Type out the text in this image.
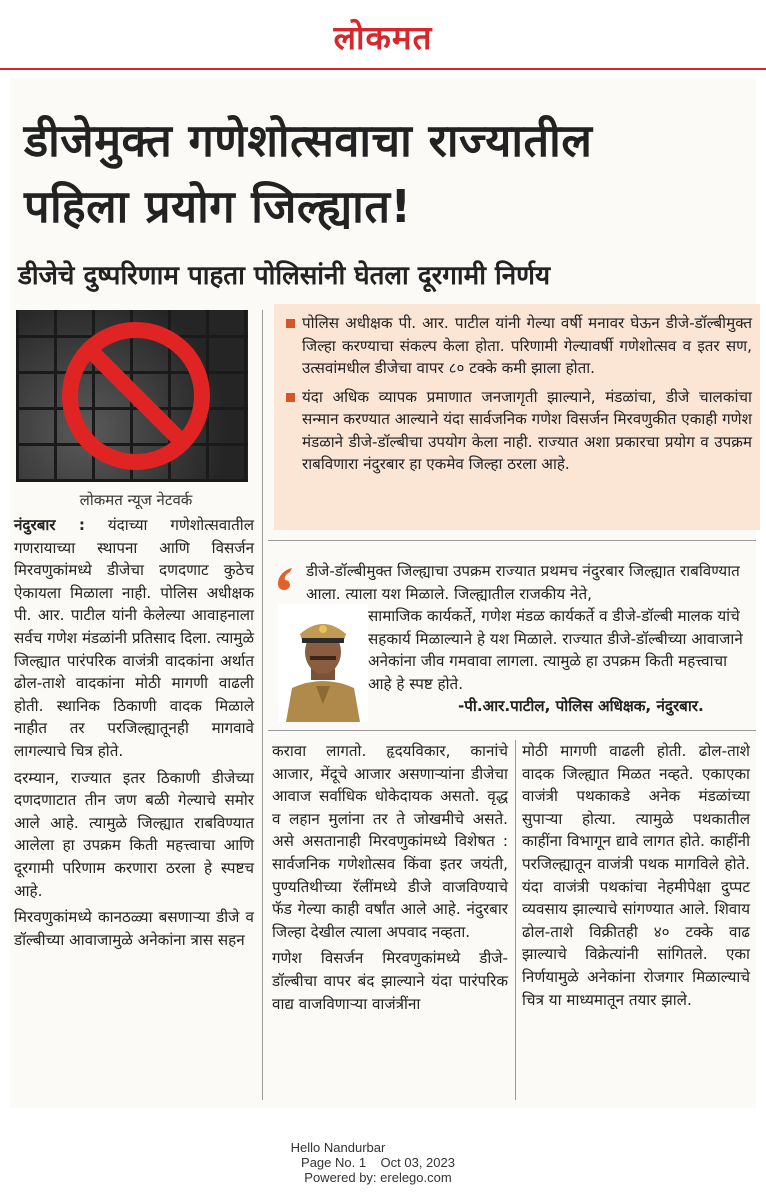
लोकमत
डीजेमुक्त गणेशोत्सवाचा राज्यातील
पहिला प्रयोग जिल्ह्यात!
डीजेचे दुष्परिणाम पाहता पोलिसांनी घेतला दूरगामी निर्णय
लोकमत न्यूज नेटवर्क

नंदुरबार : यंदाच्या गणेशोत्सवातील गणरायाच्या स्थापना आणि विसर्जन मिरवणुकांमध्ये डीजेचा दणदणाट कुठेच ऐकायला मिळाला नाही. पोलिस अधीक्षक पी. आर. पाटील यांनी केलेल्या आवाहनाला सर्वच गणेश मंडळांनी प्रतिसाद दिला. त्यामुळे जिल्ह्यात पारंपरिक वाजंत्री वादकांना अर्थात ढोल-ताशे वादकांना मोठी मागणी वाढली होती. स्थानिक ठिकाणी वादक मिळाले नाहीत तर परजिल्ह्यातूनही मागवावे लागल्याचे चित्र होते.

दरम्यान, राज्यात इतर ठिकाणी डीजेच्या दणदणाटात तीन जण बळी गेल्याचे समोर आले आहे. त्यामुळे जिल्ह्यात राबविण्यात आलेला हा उपक्रम किती महत्त्वाचा आणि दूरगामी परिणाम करणारा ठरला हे स्पष्टच आहे.

मिरवणुकांमध्ये कानठळ्या बसणाऱ्या डीजे व डॉल्बीच्या आवाजामुळे अनेकांना त्रास सहन

पोलिस अधीक्षक पी. आर. पाटील यांनी गेल्या वर्षी मनावर घेऊन डीजे-डॉल्बीमुक्त जिल्हा करण्याचा संकल्प केला होता. परिणामी गेल्यावर्षी गणेशोत्सव व इतर सण, उत्सवांमधील डीजेचा वापर ८० टक्के कमी झाला होता.
यंदा अधिक व्यापक प्रमाणात जनजागृती झाल्याने, मंडळांचा, डीजे चालकांचा सन्मान करण्यात आल्याने यंदा सार्वजनिक गणेश विसर्जन मिरवणुकीत एकाही गणेश मंडळाने डीजे-डॉल्बीचा उपयोग केला नाही. राज्यात अशा प्रकारचा प्रयोग व उपक्रम राबविणारा नंदुरबार हा एकमेव जिल्हा ठरला आहे.
डीजे-डॉल्बीमुक्त जिल्ह्याचा उपक्रम राज्यात प्रथमच नंदुरबार जिल्ह्यात राबविण्यात आला. त्याला यश मिळाले. जिल्ह्यातील राजकीय नेते,
सामाजिक कार्यकर्ते, गणेश मंडळ कार्यकर्ते व डीजे-डॉल्बी मालक यांचे सहकार्य मिळाल्याने हे यश मिळाले. राज्यात डीजे-डॉल्बीच्या आवाजाने अनेकांना जीव गमवावा लागला. त्यामुळे हा उपक्रम किती महत्त्वाचा आहे हे स्पष्ट होते.
-पी.आर.पाटील, पोलिस अधिक्षक, नंदुरबार.

करावा लागतो. हृदयविकार, कानांचे आजार, मेंदूचे आजार असणाऱ्यांना डीजेचा आवाज सर्वाधिक धोकेदायक असतो. वृद्ध व लहान मुलांना तर ते जोखमीचे असते. असे असतानाही मिरवणुकांमध्ये विशेषत : सार्वजनिक गणेशोत्सव किंवा इतर जयंती, पुण्यतिथीच्या रॅलींमध्ये डीजे वाजविण्याचे फॅड गेल्या काही वर्षांत आले आहे. नंदुरबार जिल्हा देखील त्याला अपवाद नव्हता.

गणेश विसर्जन मिरवणुकांमध्ये डीजे-डॉल्बीचा वापर बंद झाल्याने यंदा पारंपरिक वाद्य वाजविणाऱ्या वाजंत्रींना

मोठी मागणी वाढली होती. ढोल-ताशे वादक जिल्ह्यात मिळत नव्हते. एकाएका वाजंत्री पथकाकडे अनेक मंडळांच्या सुपाऱ्या होत्या. त्यामुळे पथकातील काहींना विभागून द्यावे लागत होते. काहींनी परजिल्ह्यातून वाजंत्री पथक मागविले होते. यंदा वाजंत्री पथकांचा नेहमीपेक्षा दुप्पट व्यवसाय झाल्याचे सांगण्यात आले. शिवाय ढोल-ताशे विक्रीतही ४० टक्के वाढ झाल्याचे विक्रेत्यांनी सांगितले. एका निर्णयामुळे अनेकांना रोजगार मिळाल्याचे चित्र या माध्यमातून तयार झाले.

Hello Nandurbar
Page No. 1    Oct 03, 2023
Powered by: erelego.com
